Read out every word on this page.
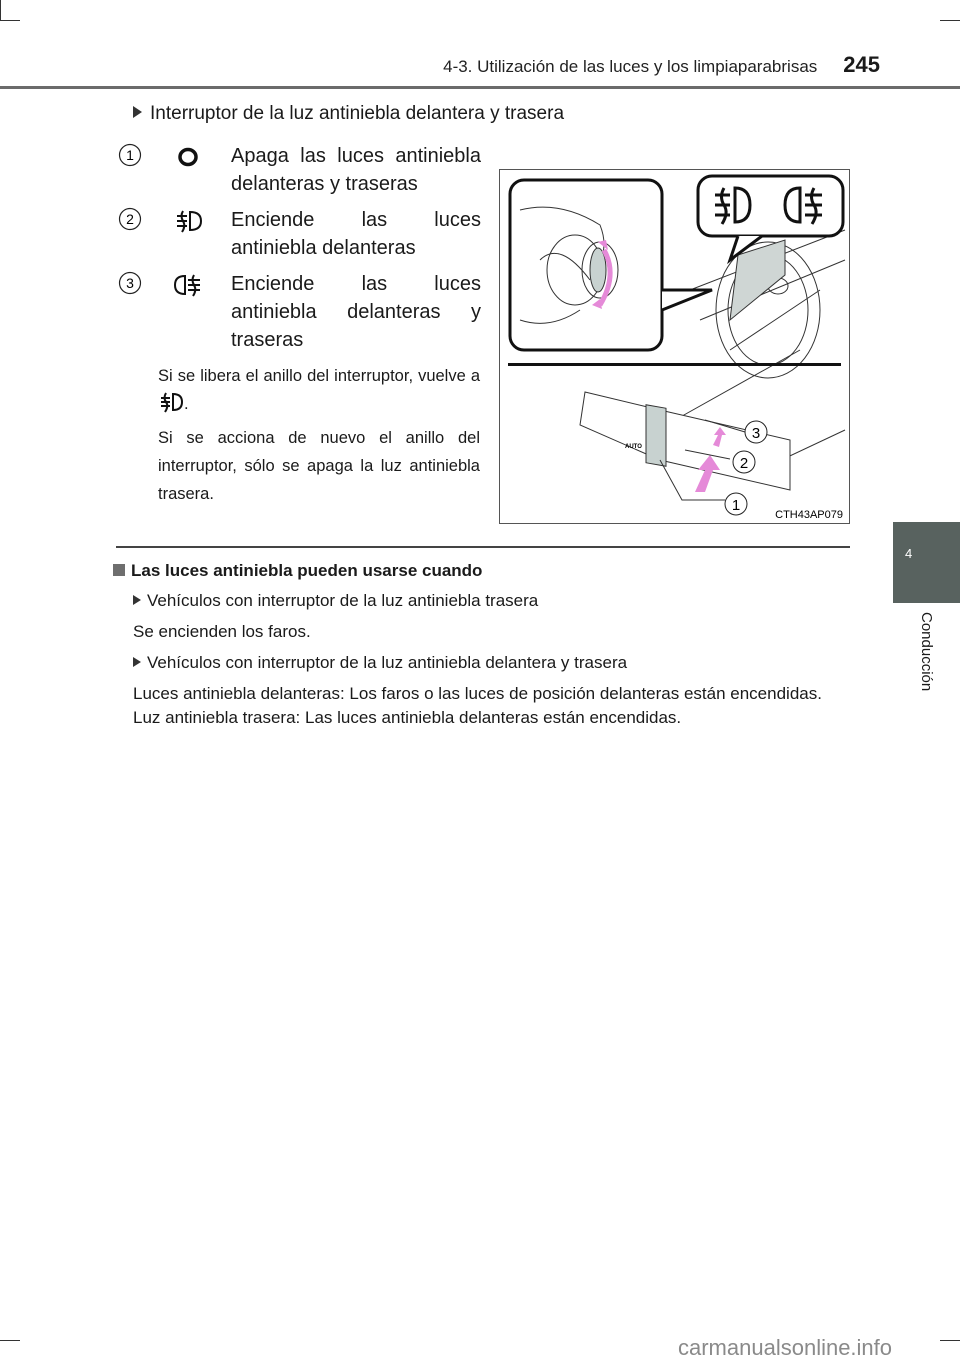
4-3. Utilización de las luces y los limpiaparabrisas 245
4
Conducción
Interruptor de la luz antiniebla delantera y trasera
1	Apaga las luces antiniebla delanteras y traseras
2	Enciende las luces antiniebla delanteras
3	Enciende las luces antiniebla delanteras y traseras
Si se libera el anillo del interruptor, vuelve a .
Si se acciona de nuevo el anillo del interruptor, sólo se apaga la luz antiniebla trasera.
AUTO
3
2
1
CTH43AP079
Las luces antiniebla pueden usarse cuando
Vehículos con interruptor de la luz antiniebla trasera
Se encienden los faros.
Vehículos con interruptor de la luz antiniebla delantera y trasera
Luces antiniebla delanteras: Los faros o las luces de posición delanteras están encendidas.
Luz antiniebla trasera: Las luces antiniebla delanteras están encendidas.
carmanualsonline.info
